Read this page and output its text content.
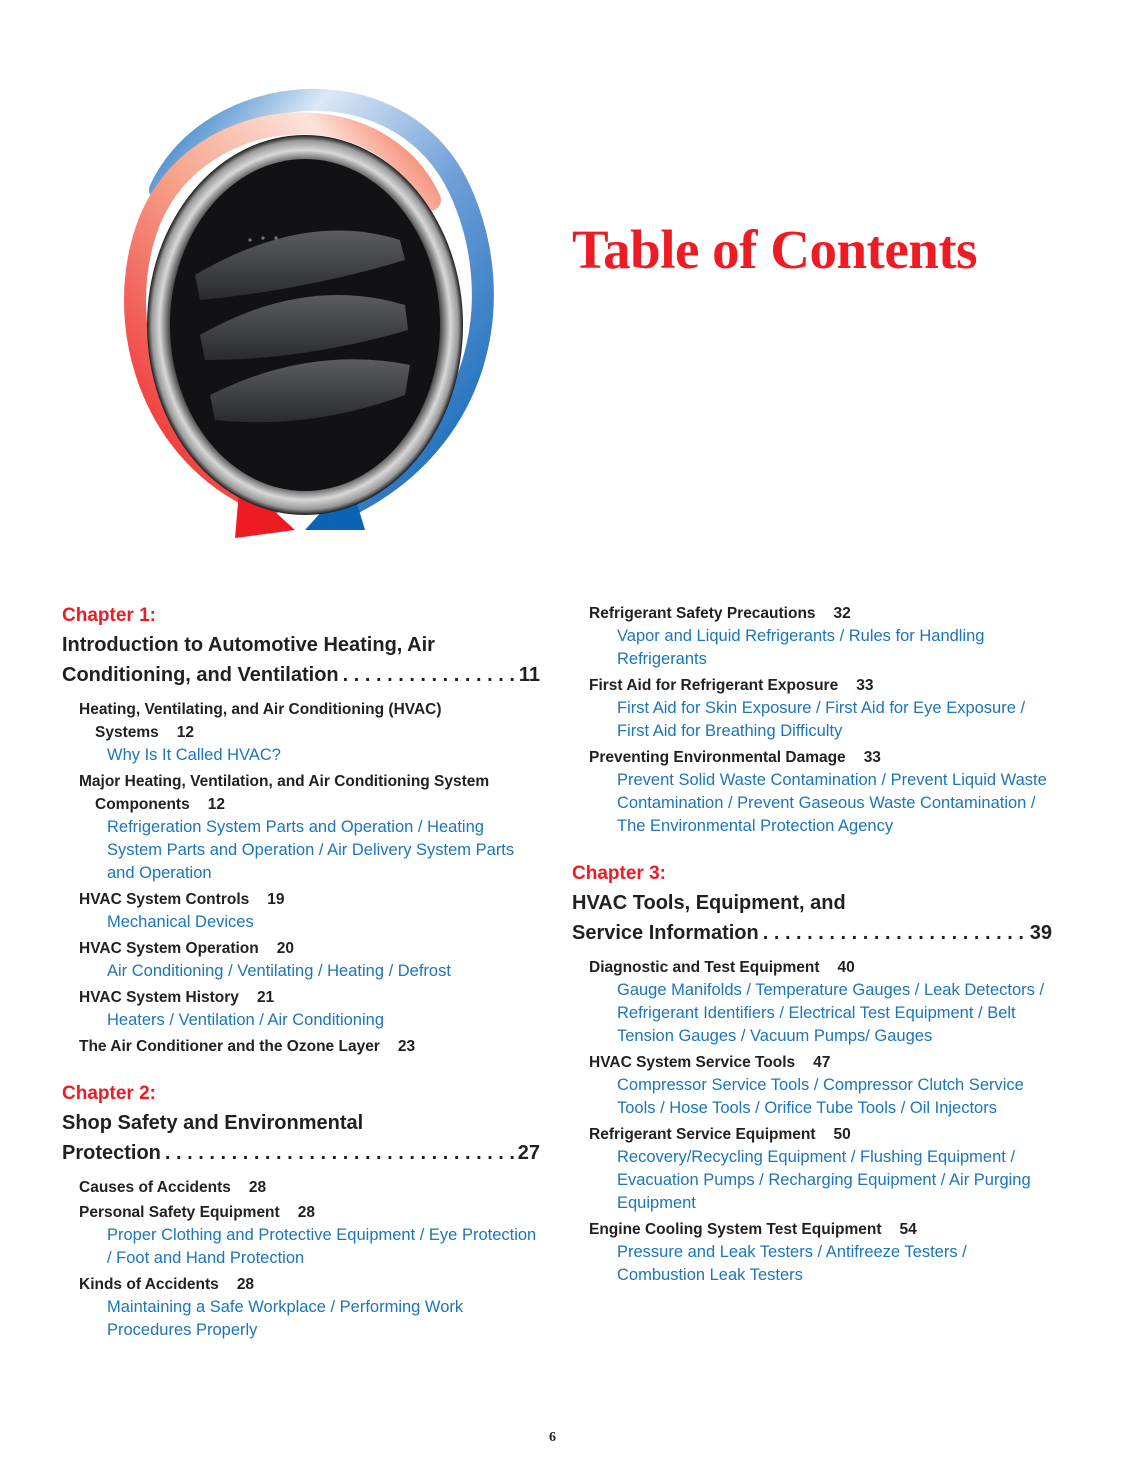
Table of Contents
Chapter 1:
Introduction to Automotive Heating, Air
Conditioning, and Ventilation . . .	11
Heating, Ventilating, and Air Conditioning (HVAC) Systems 12
Why Is It Called HVAC?
Major Heating, Ventilation, and Air Conditioning System Components 12
Refrigeration System Parts and Operation / Heating System Parts and Operation / Air Delivery System Parts and Operation
HVAC System Controls 19
Mechanical Devices
HVAC System Operation 20
Air Conditioning / Ventilating / Heating / Defrost
HVAC System History 21
Heaters / Ventilation / Air Conditioning
The Air Conditioner and the Ozone Layer 23
Chapter 2:
Shop Safety and Environmental
Protection . . .	27
Causes of Accidents 28
Personal Safety Equipment 28
Proper Clothing and Protective Equipment / Eye Protection / Foot and Hand Protection
Kinds of Accidents 28
Maintaining a Safe Workplace / Performing Work Procedures Properly
Refrigerant Safety Precautions 32
Vapor and Liquid Refrigerants / Rules for Handling Refrigerants
First Aid for Refrigerant Exposure 33
First Aid for Skin Exposure / First Aid for Eye Exposure / First Aid for Breathing Difficulty
Preventing Environmental Damage 33
Prevent Solid Waste Contamination / Prevent Liquid Waste Contamination / Prevent Gaseous Waste Contamination / The Environmental Protection Agency
Chapter 3:
HVAC Tools, Equipment, and
Service Information . . .	39
Diagnostic and Test Equipment 40
Gauge Manifolds / Temperature Gauges / Leak Detectors / Refrigerant Identifiers / Electrical Test Equipment / Belt Tension Gauges / Vacuum Pumps/ Gauges
HVAC System Service Tools 47
Compressor Service Tools / Compressor Clutch Service Tools / Hose Tools / Orifice Tube Tools / Oil Injectors
Refrigerant Service Equipment 50
Recovery/Recycling Equipment / Flushing Equipment / Evacuation Pumps / Recharging Equipment / Air Purging Equipment
Engine Cooling System Test Equipment 54
Pressure and Leak Testers / Antifreeze Testers / Combustion Leak Testers
6
